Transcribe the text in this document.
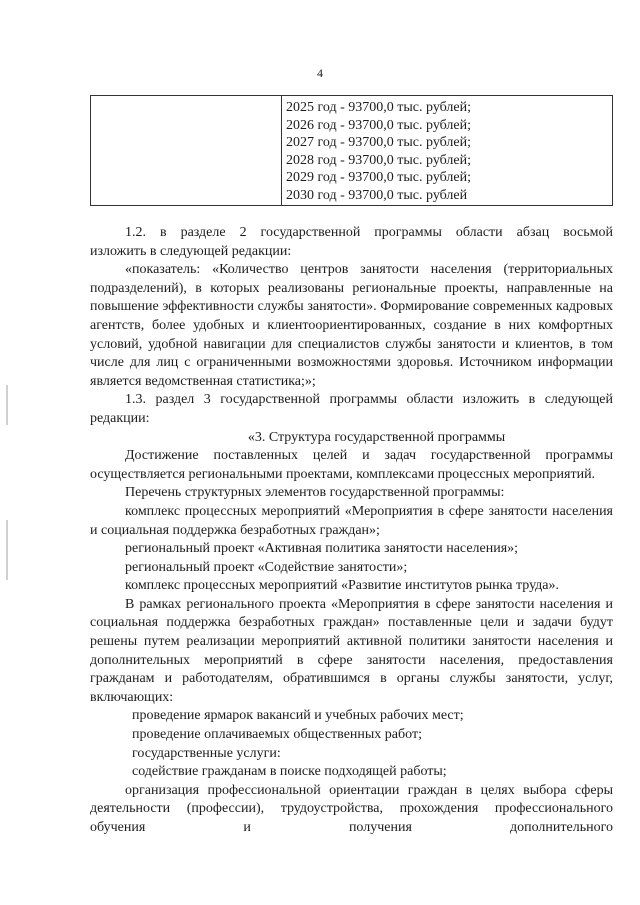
4
2025 год - 93700,0 тыс. рублей;
2026 год - 93700,0 тыс. рублей;
2027 год - 93700,0 тыс. рублей;
2028 год - 93700,0 тыс. рублей;
2029 год - 93700,0 тыс. рублей;
2030 год - 93700,0 тыс. рублей

1.2. в разделе 2 государственной программы области абзац восьмой

изложить в следующей редакции:

«показатель: «Количество центров занятости населения (территориальных подразделений), в которых реализованы региональные проекты, направленные на повышение эффективности службы занятости». Формирование современных кадровых агентств, более удобных и клиентоориентированных, создание в них комфортных условий, удобной навигации для специалистов службы занятости и клиентов, в том числе для лиц с ограниченными возможностями здоровья. Источником информации является ведомственная статистика;»;

1.3. раздел 3 государственной программы области изложить в следующей редакции:

«3. Структура государственной программы

Достижение поставленных целей и задач государственной программы осуществляется региональными проектами, комплексами процессных мероприятий.

Перечень структурных элементов государственной программы:

комплекс процессных мероприятий «Мероприятия в сфере занятости населения и социальная поддержка безработных граждан»;

региональный проект «Активная политика занятости населения»;

региональный проект «Содействие занятости»;

комплекс процессных мероприятий «Развитие институтов рынка труда».

В рамках регионального проекта «Мероприятия в сфере занятости населения и социальная поддержка безработных граждан» поставленные цели и задачи будут решены путем реализации мероприятий активной политики занятости населения и дополнительных мероприятий в сфере занятости населения, предоставления гражданам и работодателям, обратившимся в органы службы занятости, услуг, включающих:

проведение ярмарок вакансий и учебных рабочих мест;

проведение оплачиваемых общественных работ;

государственные услуги:

содействие гражданам в поиске подходящей работы;

организация профессиональной ориентации граждан в целях выбора сферы деятельности (профессии), трудоустройства, прохождения профессионального обучения и получения дополнительного
